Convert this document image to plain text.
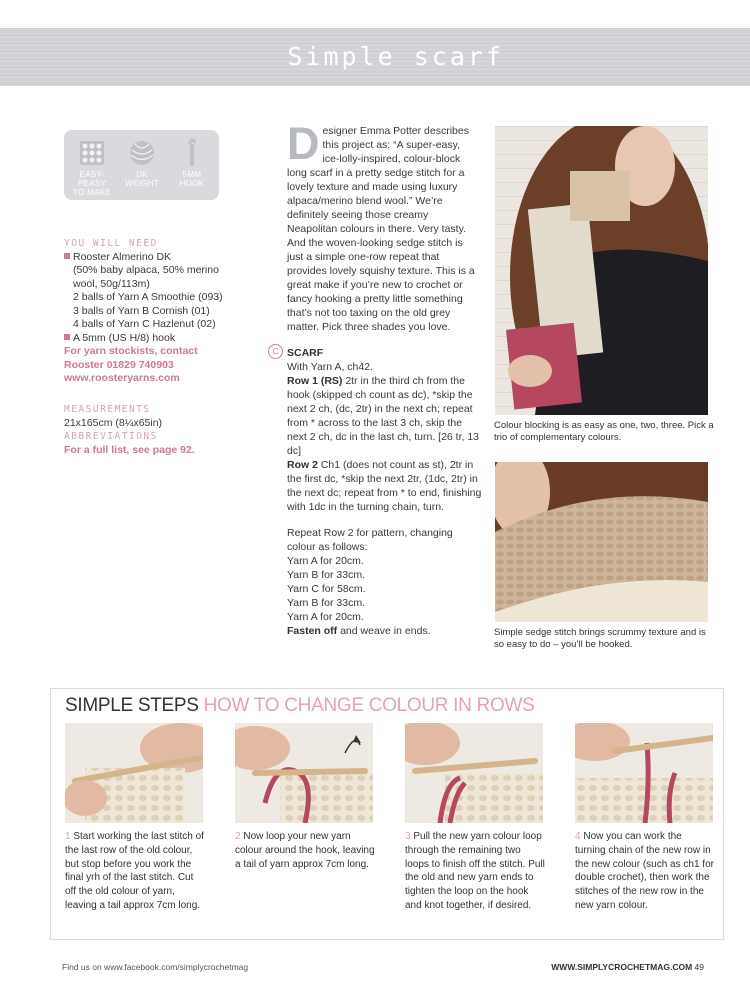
Simple scarf
EASY-PEASY
TO MAKE
DK
WEIGHT
5MM
HOOK

YOU WILL NEED

Rooster Almerino DK
(50% baby alpaca, 50% merino
wool, 50g/113m)
2 balls of Yarn A Smoothie (093)
3 balls of Yarn B Cornish (01)
4 balls of Yarn C Hazlenut (02)
A 5mm (US H/8) hook
For yarn stockists, contact
Rooster 01829 740903
www.roosteryarns.com

MEASUREMENTS

21x165cm (8¼x65in)

ABBREVIATIONS

For a full list, see page 92.

Designer Emma Potter describes this project as: “A super-easy, ice-lolly-inspired, colour-block long scarf in a pretty sedge stitch for a lovely texture and made using luxury alpaca/merino blend wool.” We’re definitely seeing those creamy Neapolitan colours in there. Very tasty. And the woven-looking sedge stitch is just a simple one-row repeat that provides lovely squishy texture. This is a great make if you’re new to crochet or fancy hooking a pretty little something that’s not too taxing on the old grey matter. Pick three shades you love.

C SCARF

With Yarn A, ch42.

Row 1 (RS) 2tr in the third ch from the hook (skipped ch count as dc), *skip the next 2 ch, (dc, 2tr) in the next ch; repeat from * across to the last 3 ch, skip the next 2 ch, dc in the last ch, turn. [26 tr, 13 dc]

Row 2 Ch1 (does not count as st), 2tr in the first dc, *skip the next 2tr, (1dc, 2tr) in the next dc; repeat from * to end, finishing with 1dc in the turning chain, turn.

Repeat Row 2 for pattern, changing colour as follows:

Yarn A for 20cm.

Yarn B for 33cm.

Yarn C for 58cm.

Yarn B for 33cm.

Yarn A for 20cm.

Fasten off and weave in ends.

Colour blocking is as easy as one, two, three. Pick a trio of complementary colours.

Simple sedge stitch brings scrummy texture and is so easy to do – you’ll be hooked.

SIMPLE STEPS HOW TO CHANGE COLOUR IN ROWS

1 Start working the last stitch of the last row of the old colour, but stop before you work the final yrh of the last stitch. Cut off the old colour of yarn, leaving a tail approx 7cm long.

2 Now loop your new yarn colour around the hook, leaving a tail of yarn approx 7cm long.

3 Pull the new yarn colour loop through the remaining two loops to finish off the stitch. Pull the old and new yarn ends to tighten the loop on the hook and knot together, if desired.

4 Now you can work the turning chain of the new row in the new colour (such as ch1 for double crochet), then work the stitches of the new row in the new yarn colour.

Find us on www.facebook.com/simplycrochetmag	WWW.SIMPLYCROCHETMAG.COM 49
